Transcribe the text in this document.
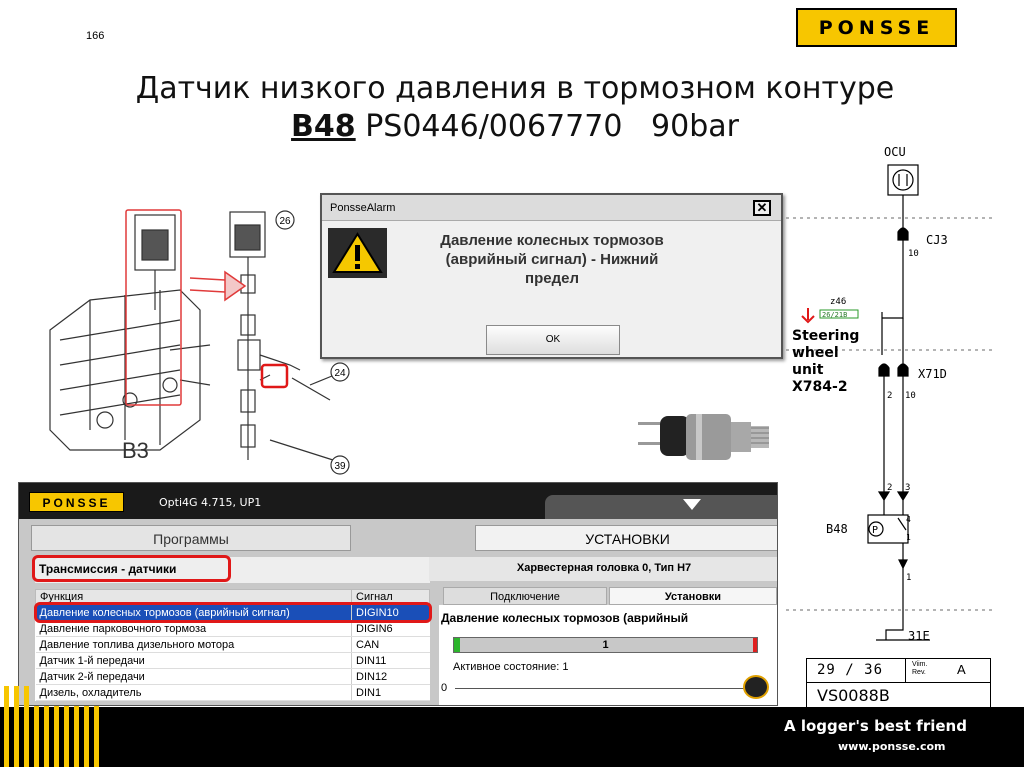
166	PONSSE
Датчик низкого давления в тормозном контуре
B48 PS0446/0067770   90bar
26
24
39
B3
PonsseAlarm	✕
Давление колесных тормозов
(аврийный сигнал) - Нижний
предел
OK
OCU
CJ3
10
z46
26/21B
X71D
2 10
2 3
B48 P
4
1
1
31E
Steering
wheel
unit
X784-2
29 / 36	Viim.
Rev. A
VS0088B
PONSSE	Opti4G 4.715, UP1
Программы	УСТАНОВКИ
Трансмиссия - датчики	Харвестерная головка 0, Тип H7
Функция	Сигнал
Давление колесных тормозов (аврийный сигнал)	DIGIN10
Давление парковочного тормоза	DIGIN6
Давление топлива дизельного мотора	CAN
Датчик 1-й передачи	DIN11
Датчик 2-й передачи	DIN12
Дизель, охладитель	DIN1
Подключение	Установки
Давление колесных тормозов (аврийный
1
Активное состояние: 1
0
A logger's best friend
www.ponsse.com
